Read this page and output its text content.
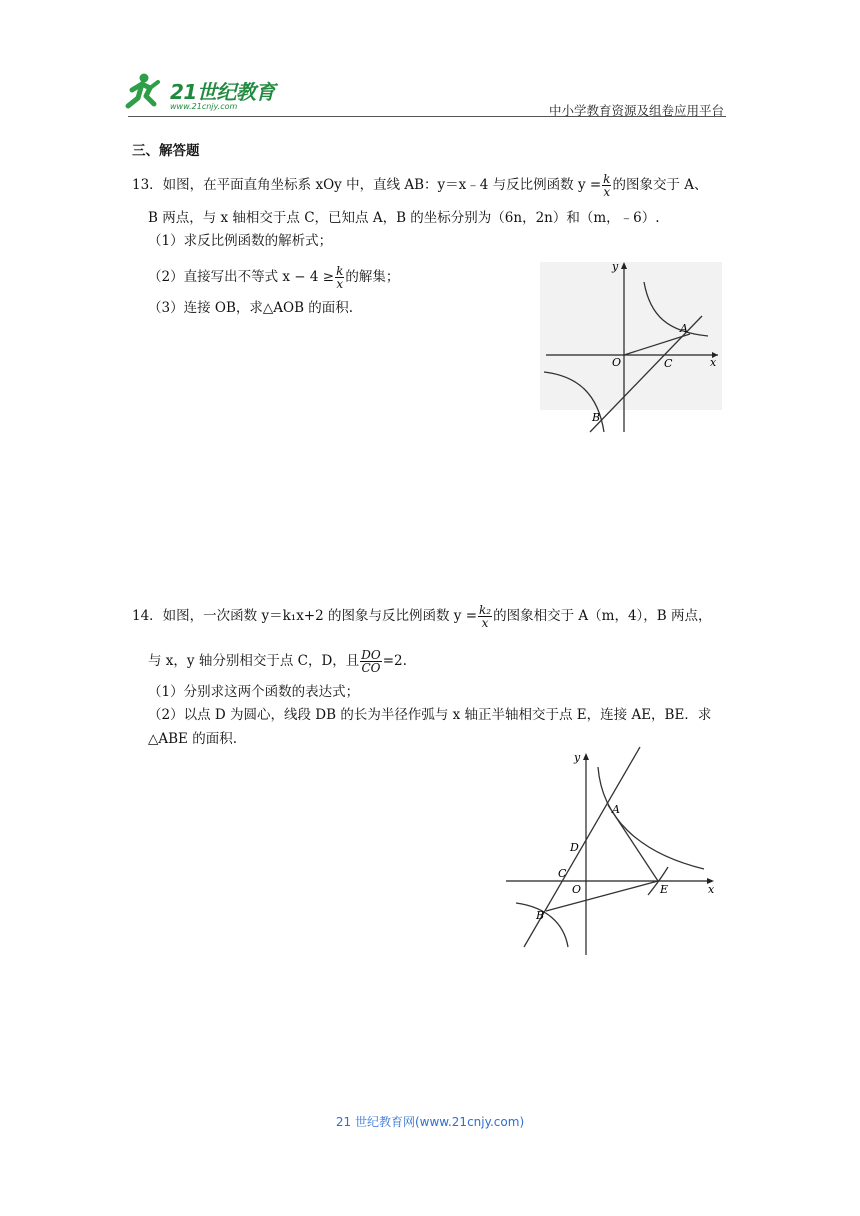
21世纪教育
www.21cnjy.com	中小学教育资源及组卷应用平台
三、解答题
13．如图，在平面直角坐标系 xOy 中，直线 AB：y＝x﹣4 与反比例函数 $y = \frac{k}{x}$ 的图象交于 A、
B 两点，与 x 轴相交于点 C，已知点 A，B 的坐标分别为（6n，2n）和（m，﹣6）.
（1）求反比例函数的解析式；
（2）直接写出不等式 $x - 4 \ge \frac{k}{x}$ 的解集；
（3）连接 OB，求△AOB 的面积.
y
x
O
A
C
B
14．如图，一次函数 y＝k₁x+2 的图象与反比例函数 $y = \frac{\text{k₂}}{x}$ 的图象相交于 A（m，4），B 两点，
与 x，y 轴分别相交于点 C，D，且 $\frac{DO}{CO} =2$.
（1）分别求这两个函数的表达式；
（2）以点 D 为圆心，线段 DB 的长为半径作弧与 x 轴正半轴相交于点 E，连接 AE，BE．求
△ABE 的面积.
y
x
O
A
D
C
E
B
21 世纪教育网(www.21cnjy.com)
